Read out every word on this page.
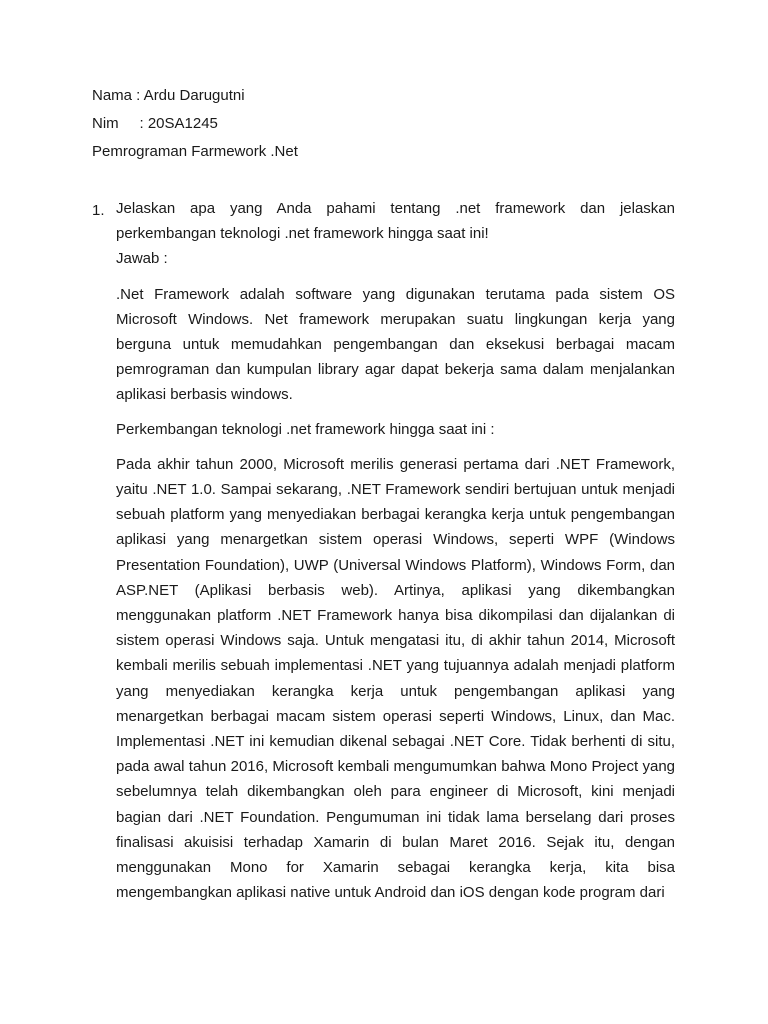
Nama : Ardu Darugutni
Nim     : 20SA1245
Pemrograman Farmework .Net
1. Jelaskan apa yang Anda pahami tentang .net framework dan jelaskan perkembangan teknologi .net framework hingga saat ini!

Jawab :

.Net Framework adalah software yang digunakan terutama pada sistem OS Microsoft Windows. Net framework merupakan suatu lingkungan kerja yang berguna untuk memudahkan pengembangan dan eksekusi berbagai macam pemrograman dan kumpulan library agar dapat bekerja sama dalam menjalankan aplikasi berbasis windows.

Perkembangan teknologi .net framework hingga saat ini :

Pada akhir tahun 2000, Microsoft merilis generasi pertama dari .NET Framework, yaitu .NET 1.0. Sampai sekarang, .NET Framework sendiri bertujuan untuk menjadi sebuah platform yang menyediakan berbagai kerangka kerja untuk pengembangan aplikasi yang menargetkan sistem operasi Windows, seperti WPF (Windows Presentation Foundation), UWP (Universal Windows Platform), Windows Form, dan ASP.NET (Aplikasi berbasis web). Artinya, aplikasi yang dikembangkan menggunakan platform .NET Framework hanya bisa dikompilasi dan dijalankan di sistem operasi Windows saja. Untuk mengatasi itu, di akhir tahun 2014, Microsoft kembali merilis sebuah implementasi .NET yang tujuannya adalah menjadi platform yang menyediakan kerangka kerja untuk pengembangan aplikasi yang menargetkan berbagai macam sistem operasi seperti Windows, Linux, dan Mac. Implementasi .NET ini kemudian dikenal sebagai .NET Core. Tidak berhenti di situ, pada awal tahun 2016, Microsoft kembali mengumumkan bahwa Mono Project yang sebelumnya telah dikembangkan oleh para engineer di Microsoft, kini menjadi bagian dari .NET Foundation. Pengumuman ini tidak lama berselang dari proses finalisasi akuisisi terhadap Xamarin di bulan Maret 2016. Sejak itu, dengan menggunakan Mono for Xamarin sebagai kerangka kerja, kita bisa mengembangkan aplikasi native untuk Android dan iOS dengan kode program dari
